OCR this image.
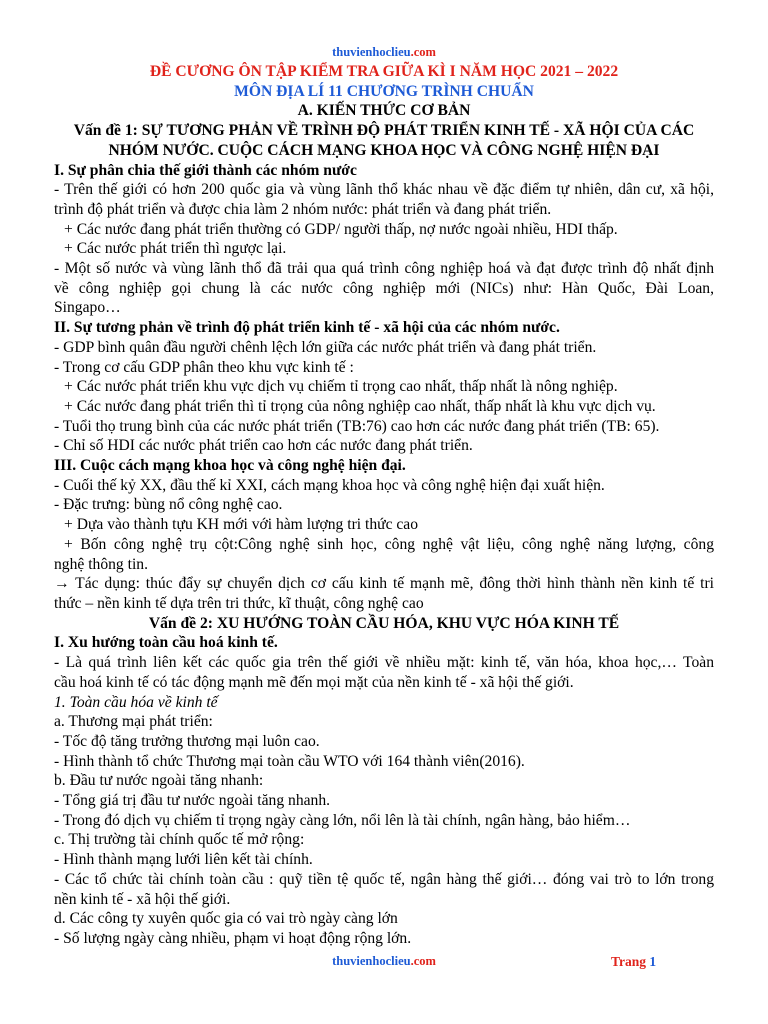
thuvienhoclieu.com
ĐỀ CƯƠNG ÔN TẬP KIỂM TRA GIỮA KÌ I NĂM HỌC 2021 – 2022
MÔN ĐỊA LÍ 11 CHƯƠNG TRÌNH CHUẨN
A. KIẾN THỨC CƠ BẢN
Vấn đề 1: SỰ TƯƠNG PHẢN VỀ TRÌNH ĐỘ PHÁT TRIỂN KINH TẾ - XÃ HỘI CỦA CÁC
NHÓM NƯỚC. CUỘC CÁCH MẠNG KHOA HỌC VÀ CÔNG NGHỆ HIỆN ĐẠI
I. Sự phân chia thế giới thành các nhóm nước
- Trên thế giới có hơn 200 quốc gia và vùng lãnh thổ khác nhau về đặc điểm tự nhiên, dân cư, xã hội,
trình độ phát triển và được chia làm 2 nhóm nước: phát triển và đang phát triển.
+ Các nước đang phát triển thường có GDP/ người thấp, nợ nước ngoài nhiều, HDI thấp.
+ Các nước phát triển thì ngược lại.
- Một số nước và vùng lãnh thổ đã trải qua quá trình công nghiệp hoá và đạt được trình độ nhất định
về công nghiệp gọi chung là các nước công nghiệp mới (NICs) như: Hàn Quốc, Đài Loan,
Singapo…
II. Sự tương phản về trình độ phát triển kinh tế - xã hội của các nhóm nước.
- GDP bình quân đầu người chênh lệch lớn giữa các nước phát triển và đang phát triển.
- Trong cơ cấu GDP phân theo khu vực kinh tế :
+ Các nước phát triển khu vực dịch vụ chiếm tỉ trọng cao nhất, thấp nhất là nông nghiệp.
+ Các nước đang phát triển thì tỉ trọng của nông nghiệp cao nhất, thấp nhất là khu vực dịch vụ.
- Tuổi thọ trung bình của các nước phát triển (TB:76) cao hơn các nước đang phát triển (TB: 65).
- Chỉ số HDI các nước phát triển cao hơn các nước đang phát triển.
III. Cuộc cách mạng khoa học và công nghệ hiện đại.
- Cuối thế kỷ XX, đầu thế kỉ XXI, cách mạng khoa học và công nghệ hiện đại xuất hiện.
- Đặc trưng: bùng nổ công nghệ cao.
+ Dựa vào thành tựu KH mới với hàm lượng tri thức cao
+ Bốn công nghệ trụ cột:Công nghệ sinh học, công nghệ vật liệu, công nghệ năng lượng, công
nghệ thông tin.
→ Tác dụng: thúc đẩy sự chuyển dịch cơ cấu kinh tế mạnh mẽ, đông thời hình thành nền kinh tế tri
thức – nền kinh tế dựa trên tri thức, kĩ thuật, công nghệ cao
Vấn đề 2: XU HƯỚNG TOÀN CẦU HÓA, KHU VỰC HÓA KINH TẾ
I. Xu hướng toàn cầu hoá kinh tế.
- Là quá trình liên kết các quốc gia trên thế giới về nhiều mặt: kinh tế, văn hóa, khoa học,… Toàn
cầu hoá kinh tế có tác động mạnh mẽ đến mọi mặt của nền kinh tế - xã hội thế giới.
1. Toàn cầu hóa về kinh tế
a. Thương mại phát triển:
- Tốc độ tăng trưởng thương mại luôn cao.
- Hình thành tổ chức Thương mại toàn cầu WTO với 164 thành viên(2016).
b. Đầu tư nước ngoài tăng nhanh:
- Tổng giá trị đầu tư nước ngoài tăng nhanh.
- Trong đó dịch vụ chiếm tỉ trọng ngày càng lớn, nổi lên là tài chính, ngân hàng, bảo hiểm…
c. Thị trường tài chính quốc tế mở rộng:
- Hình thành mạng lưới liên kết tài chính.
- Các tổ chức tài chính toàn cầu : quỹ tiền tệ quốc tế, ngân hàng thế giới… đóng vai trò to lớn trong
nền kinh tế - xã hội thế giới.
d. Các công ty xuyên quốc gia có vai trò ngày càng lớn
- Số lượng ngày càng nhiều, phạm vi hoạt động rộng lớn.
thuvienhoclieu.com	Trang 1
